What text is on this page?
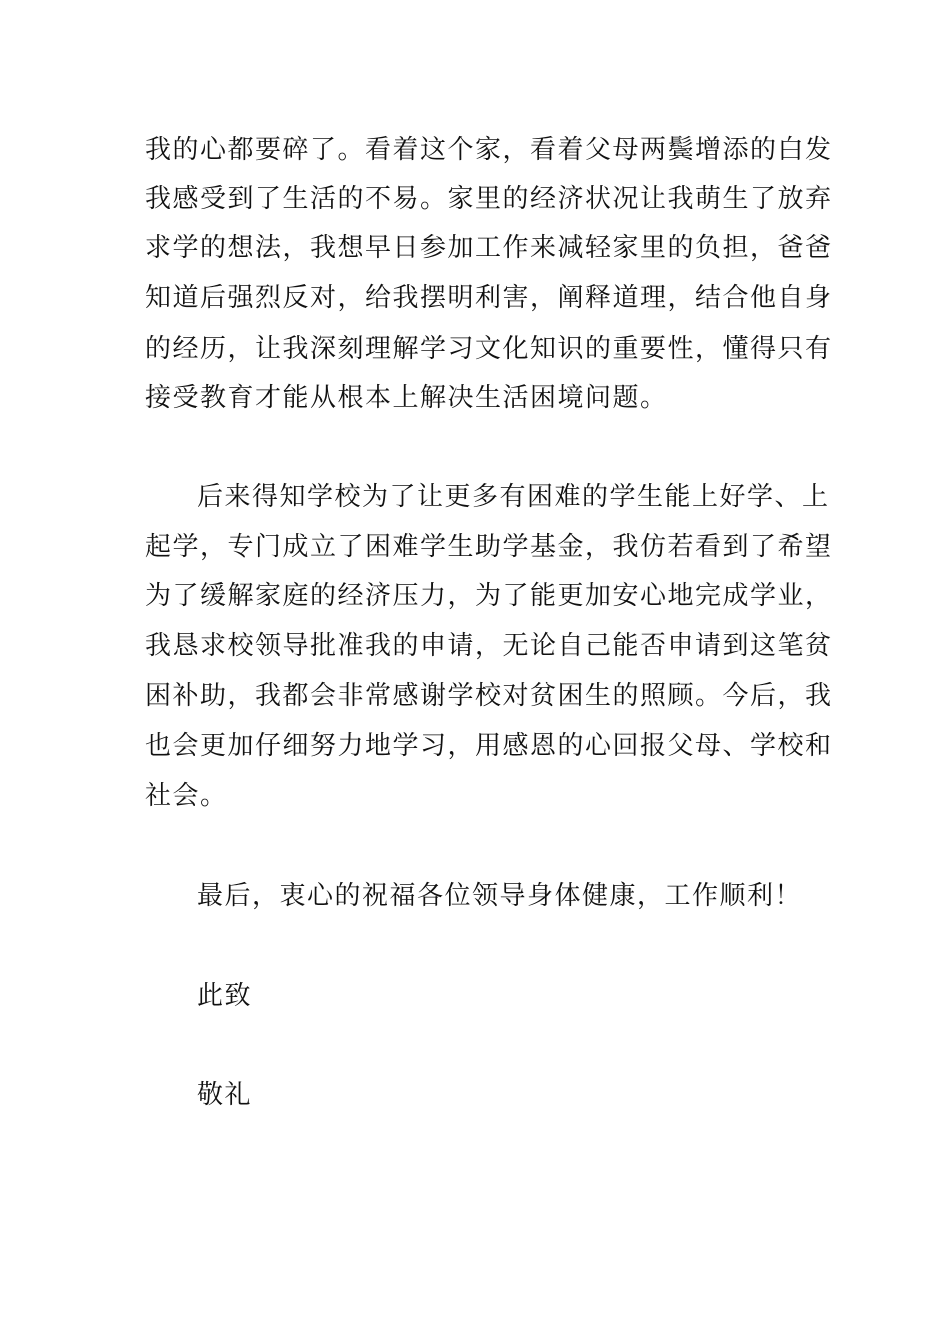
我的心都要碎了。看着这个家，看着父母两鬓增添的白发
我感受到了生活的不易。家里的经济状况让我萌生了放弃
求学的想法，我想早日参加工作来减轻家里的负担，爸爸
知道后强烈反对，给我摆明利害，阐释道理，结合他自身
的经历，让我深刻理解学习文化知识的重要性，懂得只有
接受教育才能从根本上解决生活困境问题。
后来得知学校为了让更多有困难的学生能上好学、上
起学，专门成立了困难学生助学基金，我仿若看到了希望
为了缓解家庭的经济压力，为了能更加安心地完成学业，
我恳求校领导批准我的申请，无论自己能否申请到这笔贫
困补助，我都会非常感谢学校对贫困生的照顾。今后，我
也会更加仔细努力地学习，用感恩的心回报父母、学校和
社会。
最后，衷心的祝福各位领导身体健康，工作顺利！
此致
敬礼
